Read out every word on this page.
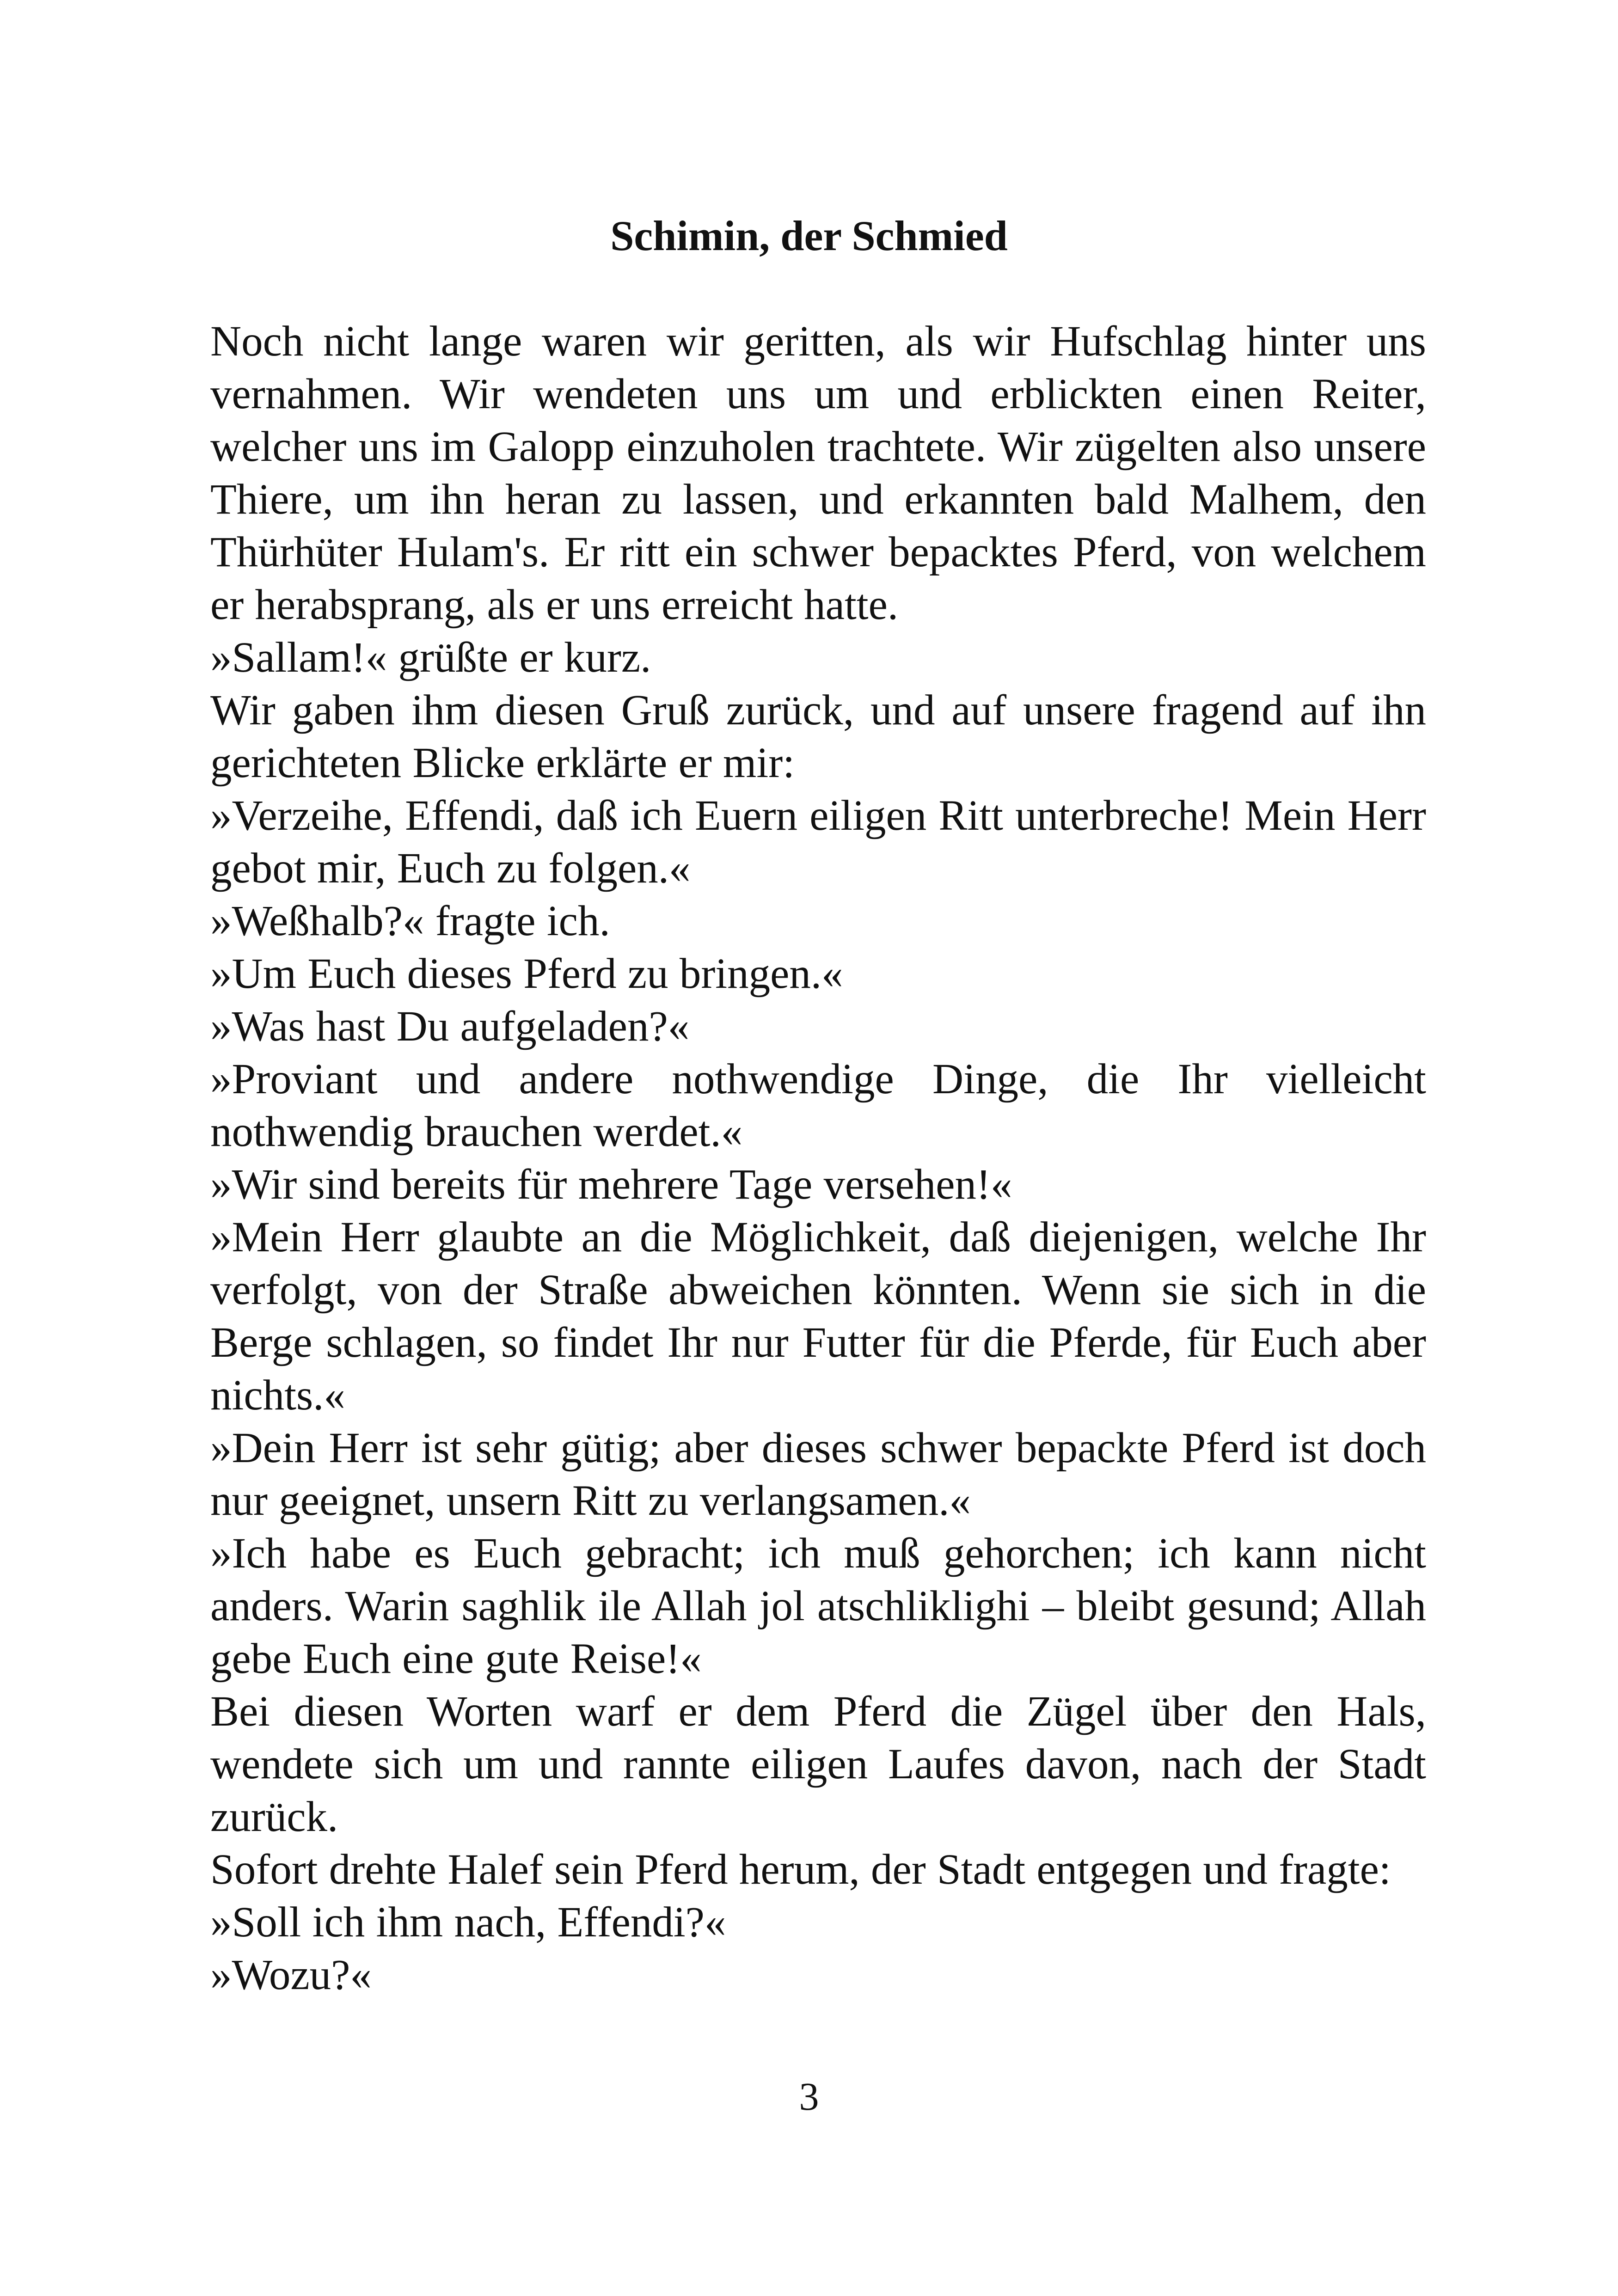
Schimin, der Schmied

Noch nicht lange waren wir geritten, als wir Hufschlag hinter uns vernahmen. Wir wendeten uns um und erblickten einen Reiter, welcher uns im Galopp einzuholen trachtete. Wir zügelten also unsere Thiere, um ihn heran zu lassen, und erkannten bald Malhem, den Thürhüter Hulam's. Er ritt ein schwer bepacktes Pferd, von welchem er herabsprang, als er uns erreicht hatte.

»Sallam!« grüßte er kurz.

Wir gaben ihm diesen Gruß zurück, und auf unsere fragend auf ihn gerichteten Blicke erklärte er mir:

»Verzeihe, Effendi, daß ich Euern eiligen Ritt unterbreche! Mein Herr gebot mir, Euch zu folgen.«

»Weßhalb?« fragte ich.

»Um Euch dieses Pferd zu bringen.«

»Was hast Du aufgeladen?«

»Proviant und andere nothwendige Dinge, die Ihr vielleicht nothwendig brauchen werdet.«

»Wir sind bereits für mehrere Tage versehen!«

»Mein Herr glaubte an die Möglichkeit, daß diejenigen, welche Ihr verfolgt, von der Straße abweichen könnten. Wenn sie sich in die Berge schlagen, so findet Ihr nur Futter für die Pferde, für Euch aber nichts.«

»Dein Herr ist sehr gütig; aber dieses schwer bepackte Pferd ist doch nur geeignet, unsern Ritt zu verlangsamen.«

»Ich habe es Euch gebracht; ich muß gehorchen; ich kann nicht anders. Warin saghlik ile Allah jol atschliklighi – bleibt gesund; Allah gebe Euch eine gute Reise!«

Bei diesen Worten warf er dem Pferd die Zügel über den Hals, wendete sich um und rannte eiligen Laufes davon, nach der Stadt zurück.

Sofort drehte Halef sein Pferd herum, der Stadt entgegen und fragte:

»Soll ich ihm nach, Effendi?«

»Wozu?«

3
